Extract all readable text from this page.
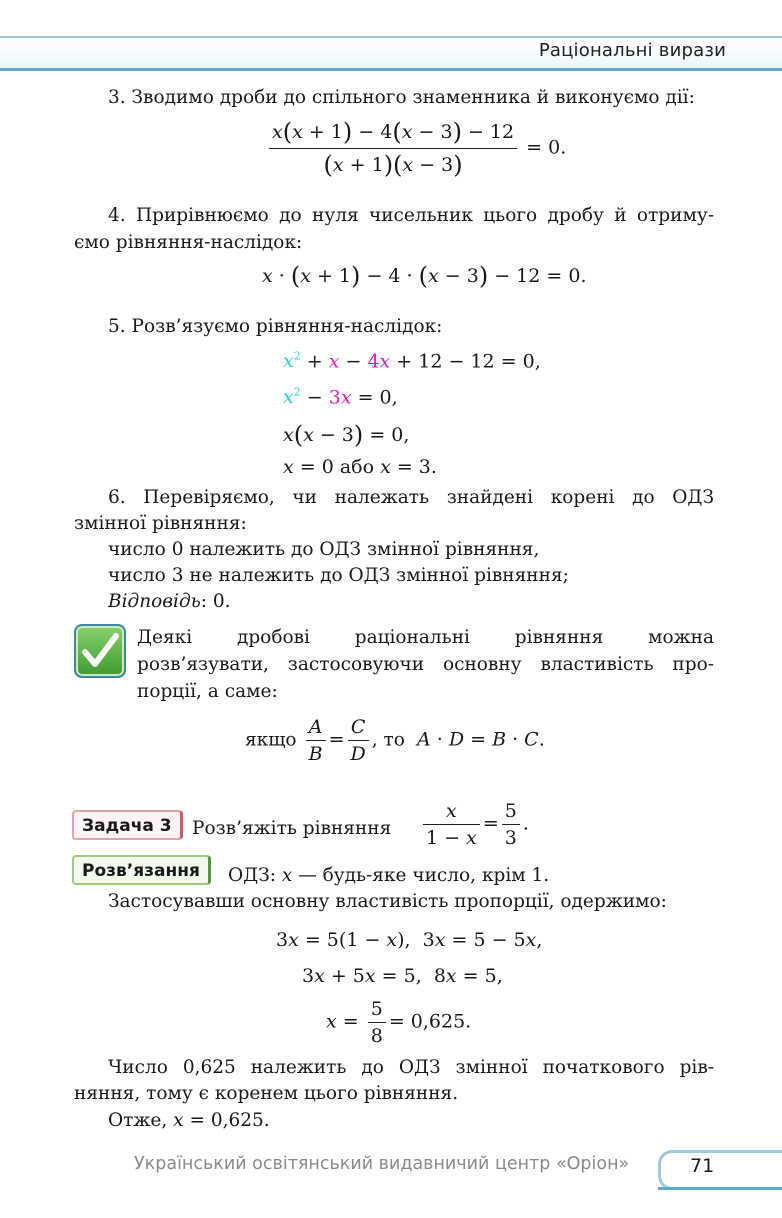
Раціональні вирази
3. Зводимо дроби до спільного знаменника й виконуємо дії:
$\frac{x(x + 1) - 4(x - 3) - 12}{(x + 1)(x - 3)} = 0$.
4. Прирівнюємо до нуля чисельник цього дробу й отриму-
ємо рівняння-наслідок:
x · (x + 1) − 4 · (x − 3) − 12 = 0.
5. Розв’язуємо рівняння-наслідок:
$x^2 + x - 4x + 12 - 12 = 0$,
$x^2 - 3x = 0$,
x(x − 3) = 0,
x = 0 або x = 3.
6. Перевіряємо, чи належать знайдені корені до ОДЗ
змінної рівняння:
число 0 належить до ОДЗ змінної рівняння,
число 3 не належить до ОДЗ змінної рівняння;
Відповідь: 0.
Деякі дробові раціональні рівняння можна
розв’язувати, застосовуючи основну властивість про-
порції, а саме:
якщо $\frac{A}{B} = \frac{C}{D}$ , то A · D = B · C.
Задача 3	Розв’яжіть рівняння $\frac{x}{1 - x} = \frac{5}{3}$ .
Розв’язання	ОДЗ: x — будь-яке число, крім 1.
Застосувавши основну властивість пропорції, одержимо:
3x = 5(1 − x),  3x = 5 − 5x,
3x + 5x = 5,  8x = 5,
$x = \frac{5}{8} = 0,625$.
Число 0,625 належить до ОДЗ змінної початкового рів-
няння, тому є коренем цього рівняння.
Отже, x = 0,625.
Український освітянський видавничий центр «Оріон»	71
